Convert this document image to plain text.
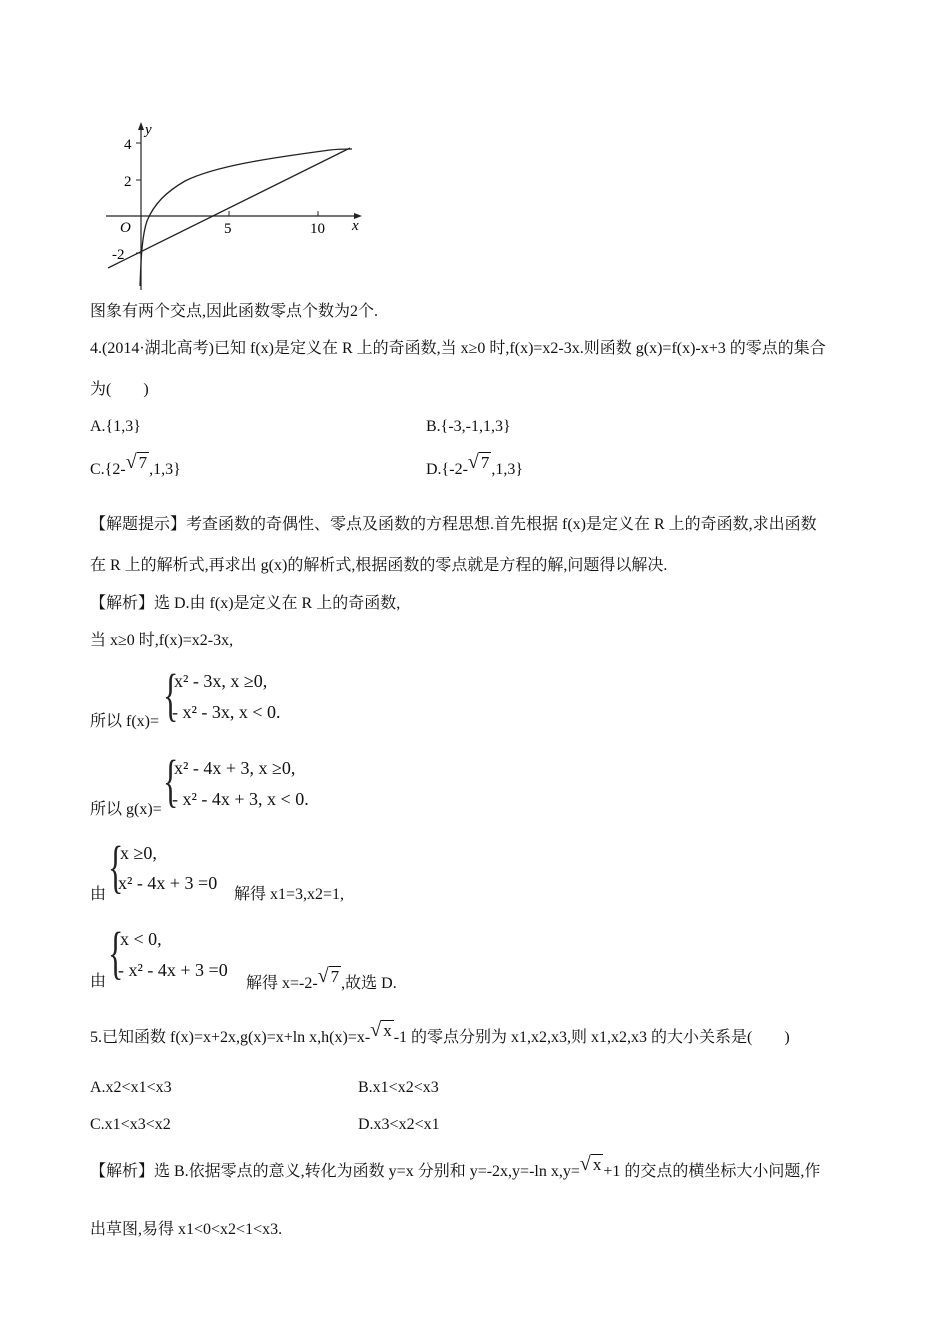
y
x
O
4
2
-2
5	10
图象有两个交点,因此函数零点个数为2个.
4.(2014·湖北高考)已知 f(x)是定义在 R 上的奇函数,当 x≥0 时,f(x)=x2-3x.则函数 g(x)=f(x)-x+3 的零点的集合
为(　　)
A.{1,3}	B.{-3,-1,1,3}
C.{2-√ 7 ,1,3}	D.{-2-√ 7 ,1,3}
【解题提示】考查函数的奇偶性、零点及函数的方程思想.首先根据 f(x)是定义在 R 上的奇函数,求出函数
在 R 上的解析式,再求出 g(x)的解析式,根据函数的零点就是方程的解,问题得以解决.
【解析】选 D.由 f(x)是定义在 R 上的奇函数,
当 x≥0 时,f(x)=x2-3x,
所以 f(x)= {
x² - 3x, x ≥0,
- x² - 3x, x < 0.
所以 g(x)= {
x² - 4x + 3, x ≥0,
- x² - 4x + 3, x < 0.
由 {
x ≥0,
x² - 4x + 3 =0
解得 x1=3,x2=1,
由 {
x < 0,
- x² - 4x + 3 =0
解得 x=-2-√ 7 ,故选 D.
5.已知函数 f(x)=x+2x,g(x)=x+ln x,h(x)=x-√ x -1 的零点分别为 x1,x2,x3,则 x1,x2,x3 的大小关系是(　　)
A.x2<x1<x3	B.x1<x2<x3
C.x1<x3<x2	D.x3<x2<x1
【解析】选 B.依据零点的意义,转化为函数 y=x 分别和 y=-2x,y=-ln x,y=√ x +1 的交点的横坐标大小问题,作
出草图,易得 x1<0<x2<1<x3.
